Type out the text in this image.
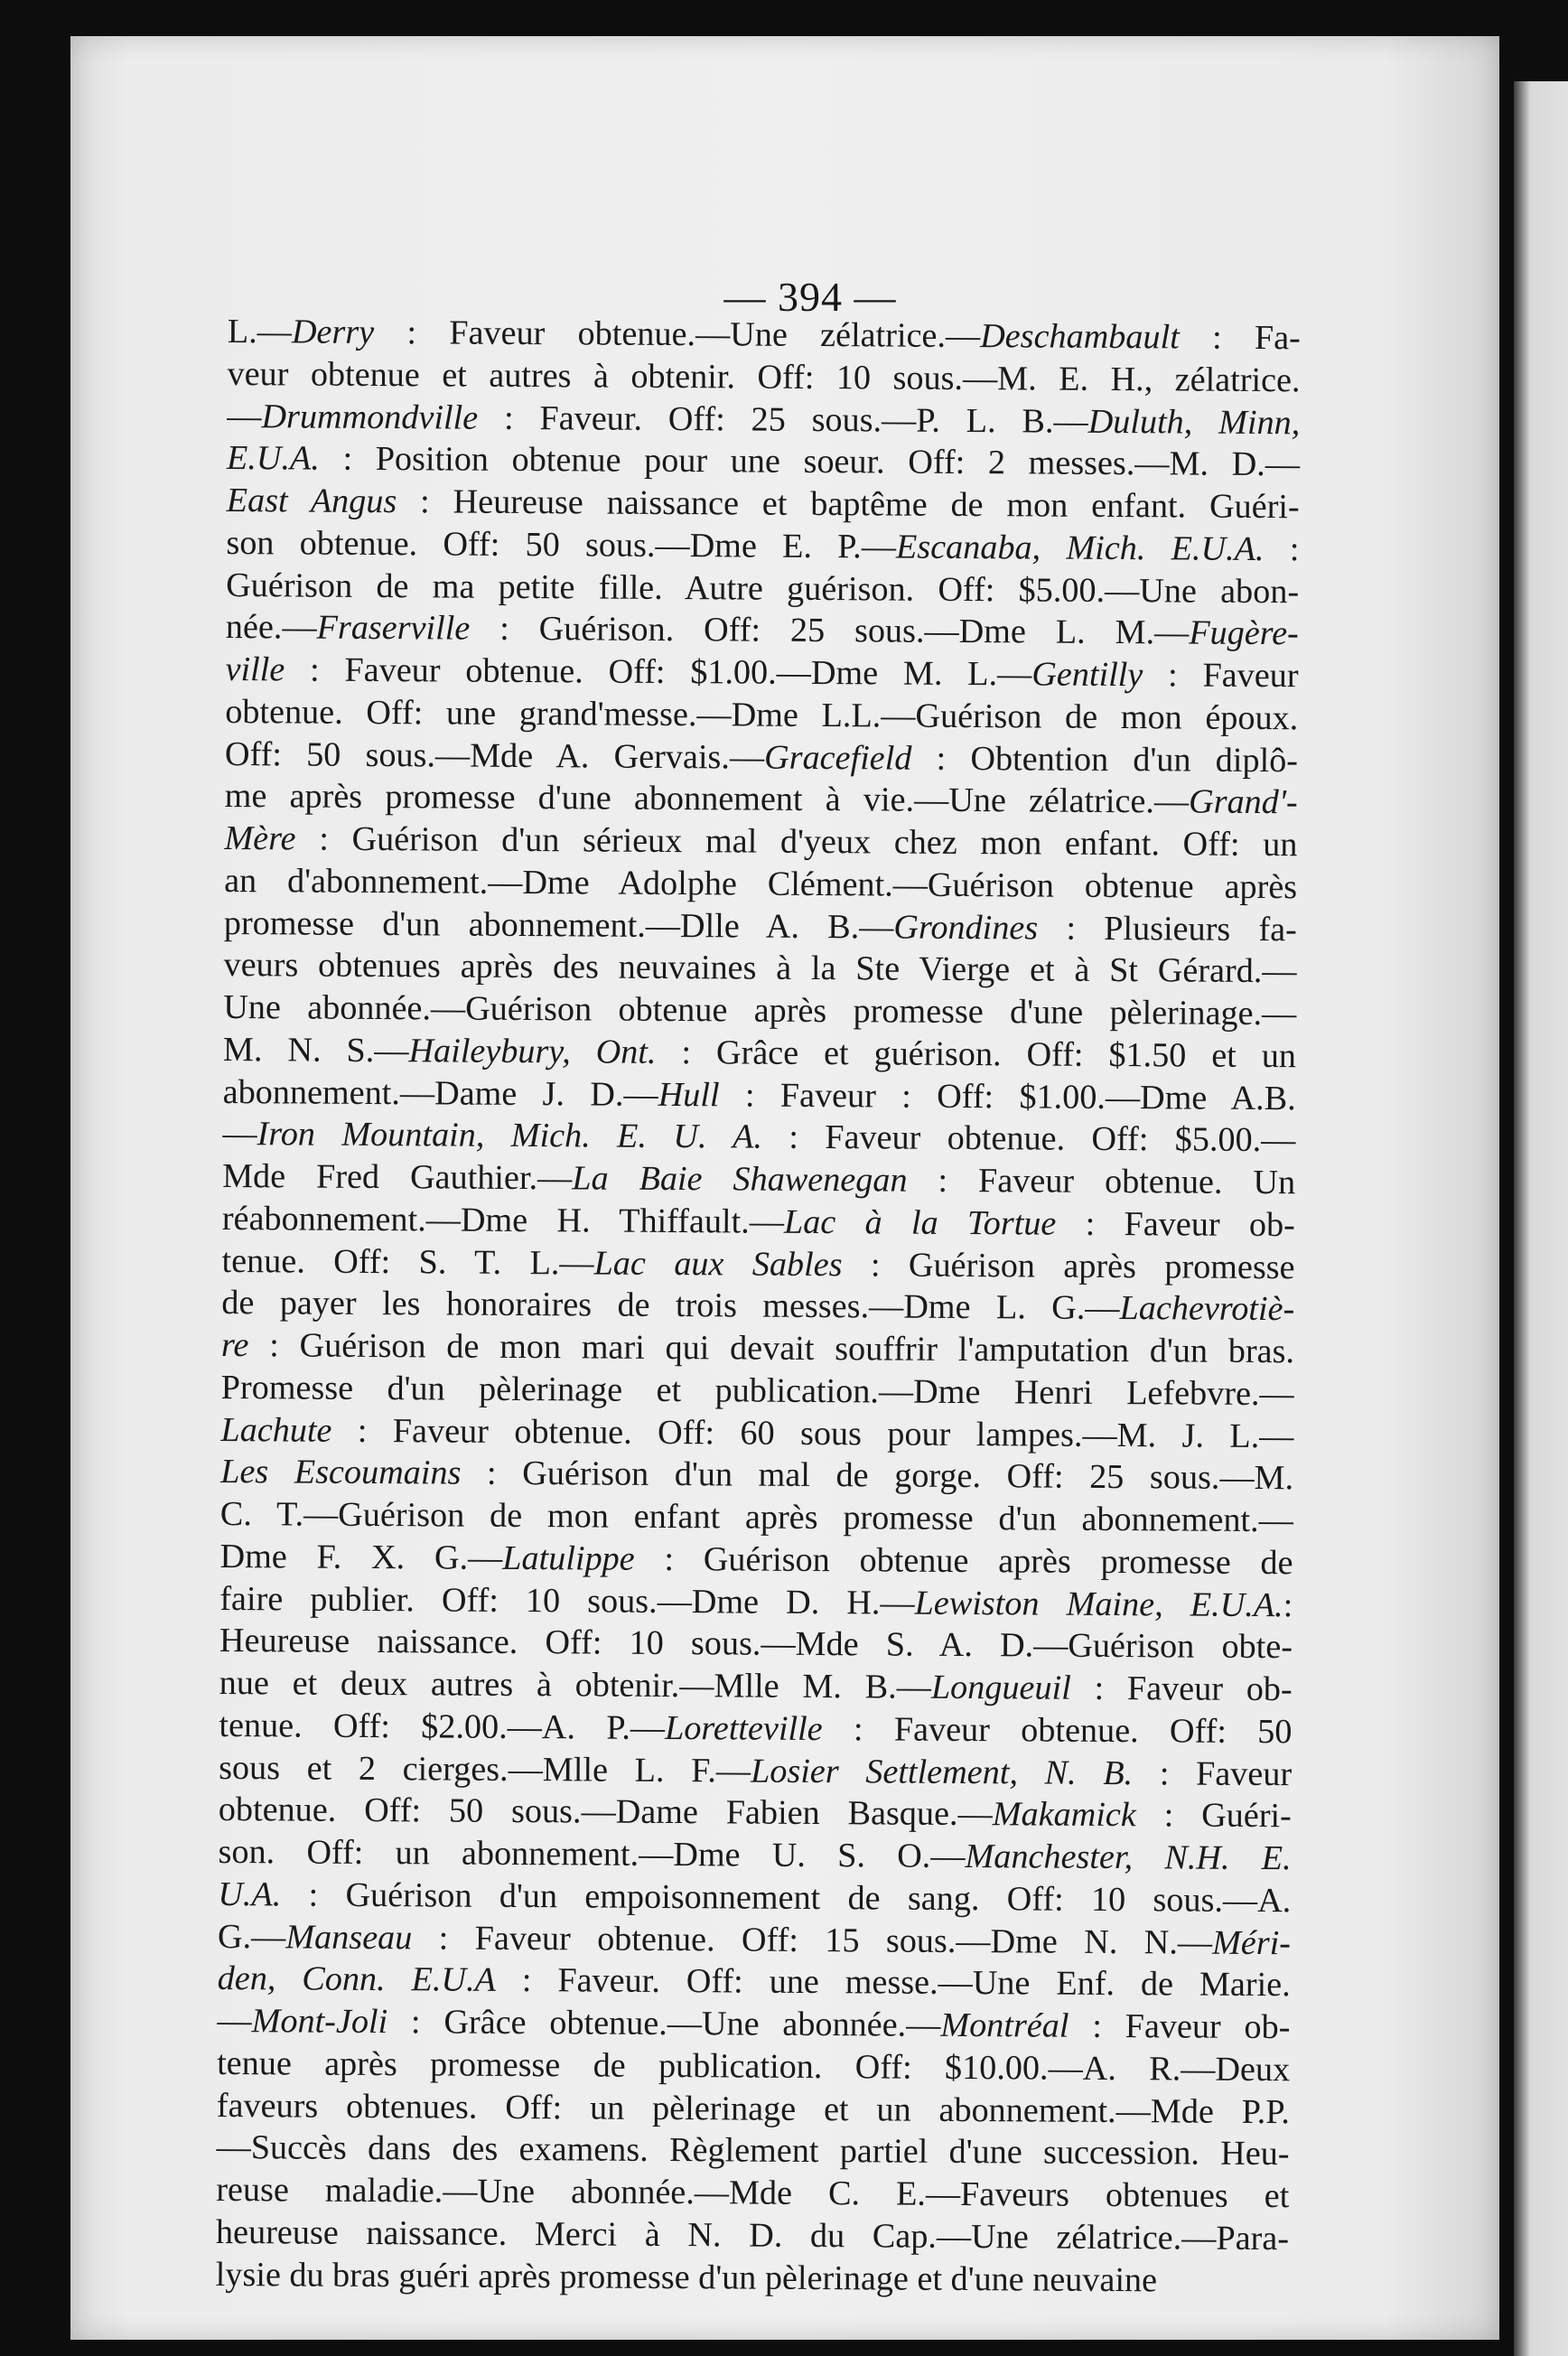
— 394 —
L.—Derry : Faveur obtenue.—Une zélatrice.—Deschambault : Fa-
veur obtenue et autres à obtenir. Off: 10 sous.—M. E. H., zélatrice.
—Drummondville : Faveur. Off: 25 sous.—P. L. B.—Duluth, Minn,
E.U.A. : Position obtenue pour une soeur. Off: 2 messes.—M. D.—
East Angus : Heureuse naissance et baptême de mon enfant. Guéri-
son obtenue. Off: 50 sous.—Dme E. P.—Escanaba, Mich. E.U.A. :
Guérison de ma petite fille. Autre guérison. Off: $5.00.—Une abon-
née.—Fraserville : Guérison. Off: 25 sous.—Dme L. M.—Fugère-
ville : Faveur obtenue. Off: $1.00.—Dme M. L.—Gentilly : Faveur
obtenue. Off: une grand'messe.—Dme L.L.—Guérison de mon époux.
Off: 50 sous.—Mde A. Gervais.—Gracefield : Obtention d'un diplô-
me après promesse d'une abonnement à vie.—Une zélatrice.—Grand'-
Mère : Guérison d'un sérieux mal d'yeux chez mon enfant. Off: un
an d'abonnement.—Dme Adolphe Clément.—Guérison obtenue après
promesse d'un abonnement.—Dlle A. B.—Grondines : Plusieurs fa-
veurs obtenues après des neuvaines à la Ste Vierge et à St Gérard.—
Une abonnée.—Guérison obtenue après promesse d'une pèlerinage.—
M. N. S.—Haileybury, Ont. : Grâce et guérison. Off: $1.50 et un
abonnement.—Dame J. D.—Hull : Faveur : Off: $1.00.—Dme A.B.
—Iron Mountain, Mich. E. U. A. : Faveur obtenue. Off: $5.00.—
Mde Fred Gauthier.—La Baie Shawenegan : Faveur obtenue. Un
réabonnement.—Dme H. Thiffault.—Lac à la Tortue : Faveur ob-
tenue. Off: S. T. L.—Lac aux Sables : Guérison après promesse
de payer les honoraires de trois messes.—Dme L. G.—Lachevrotiè-
re : Guérison de mon mari qui devait souffrir l'amputation d'un bras.
Promesse d'un pèlerinage et publication.—Dme Henri Lefebvre.—
Lachute : Faveur obtenue. Off: 60 sous pour lampes.—M. J. L.—
Les Escoumains : Guérison d'un mal de gorge. Off: 25 sous.—M.
C. T.—Guérison de mon enfant après promesse d'un abonnement.—
Dme F. X. G.—Latulippe : Guérison obtenue après promesse de
faire publier. Off: 10 sous.—Dme D. H.—Lewiston Maine, E.U.A.:
Heureuse naissance. Off: 10 sous.—Mde S. A. D.—Guérison obte-
nue et deux autres à obtenir.—Mlle M. B.—Longueuil : Faveur ob-
tenue. Off: $2.00.—A. P.—Loretteville : Faveur obtenue. Off: 50
sous et 2 cierges.—Mlle L. F.—Losier Settlement, N. B. : Faveur
obtenue. Off: 50 sous.—Dame Fabien Basque.—Makamick : Guéri-
son. Off: un abonnement.—Dme U. S. O.—Manchester, N.H. E.
U.A. : Guérison d'un empoisonnement de sang. Off: 10 sous.—A.
G.—Manseau : Faveur obtenue. Off: 15 sous.—Dme N. N.—Méri-
den, Conn. E.U.A : Faveur. Off: une messe.—Une Enf. de Marie.
—Mont-Joli : Grâce obtenue.—Une abonnée.—Montréal : Faveur ob-
tenue après promesse de publication. Off: $10.00.—A. R.—Deux
faveurs obtenues. Off: un pèlerinage et un abonnement.—Mde P.P.
—Succès dans des examens. Règlement partiel d'une succession. Heu-
reuse maladie.—Une abonnée.—Mde C. E.—Faveurs obtenues et
heureuse naissance. Merci à N. D. du Cap.—Une zélatrice.—Para-
lysie du bras guéri après promesse d'un pèlerinage et d'une neuvaine
